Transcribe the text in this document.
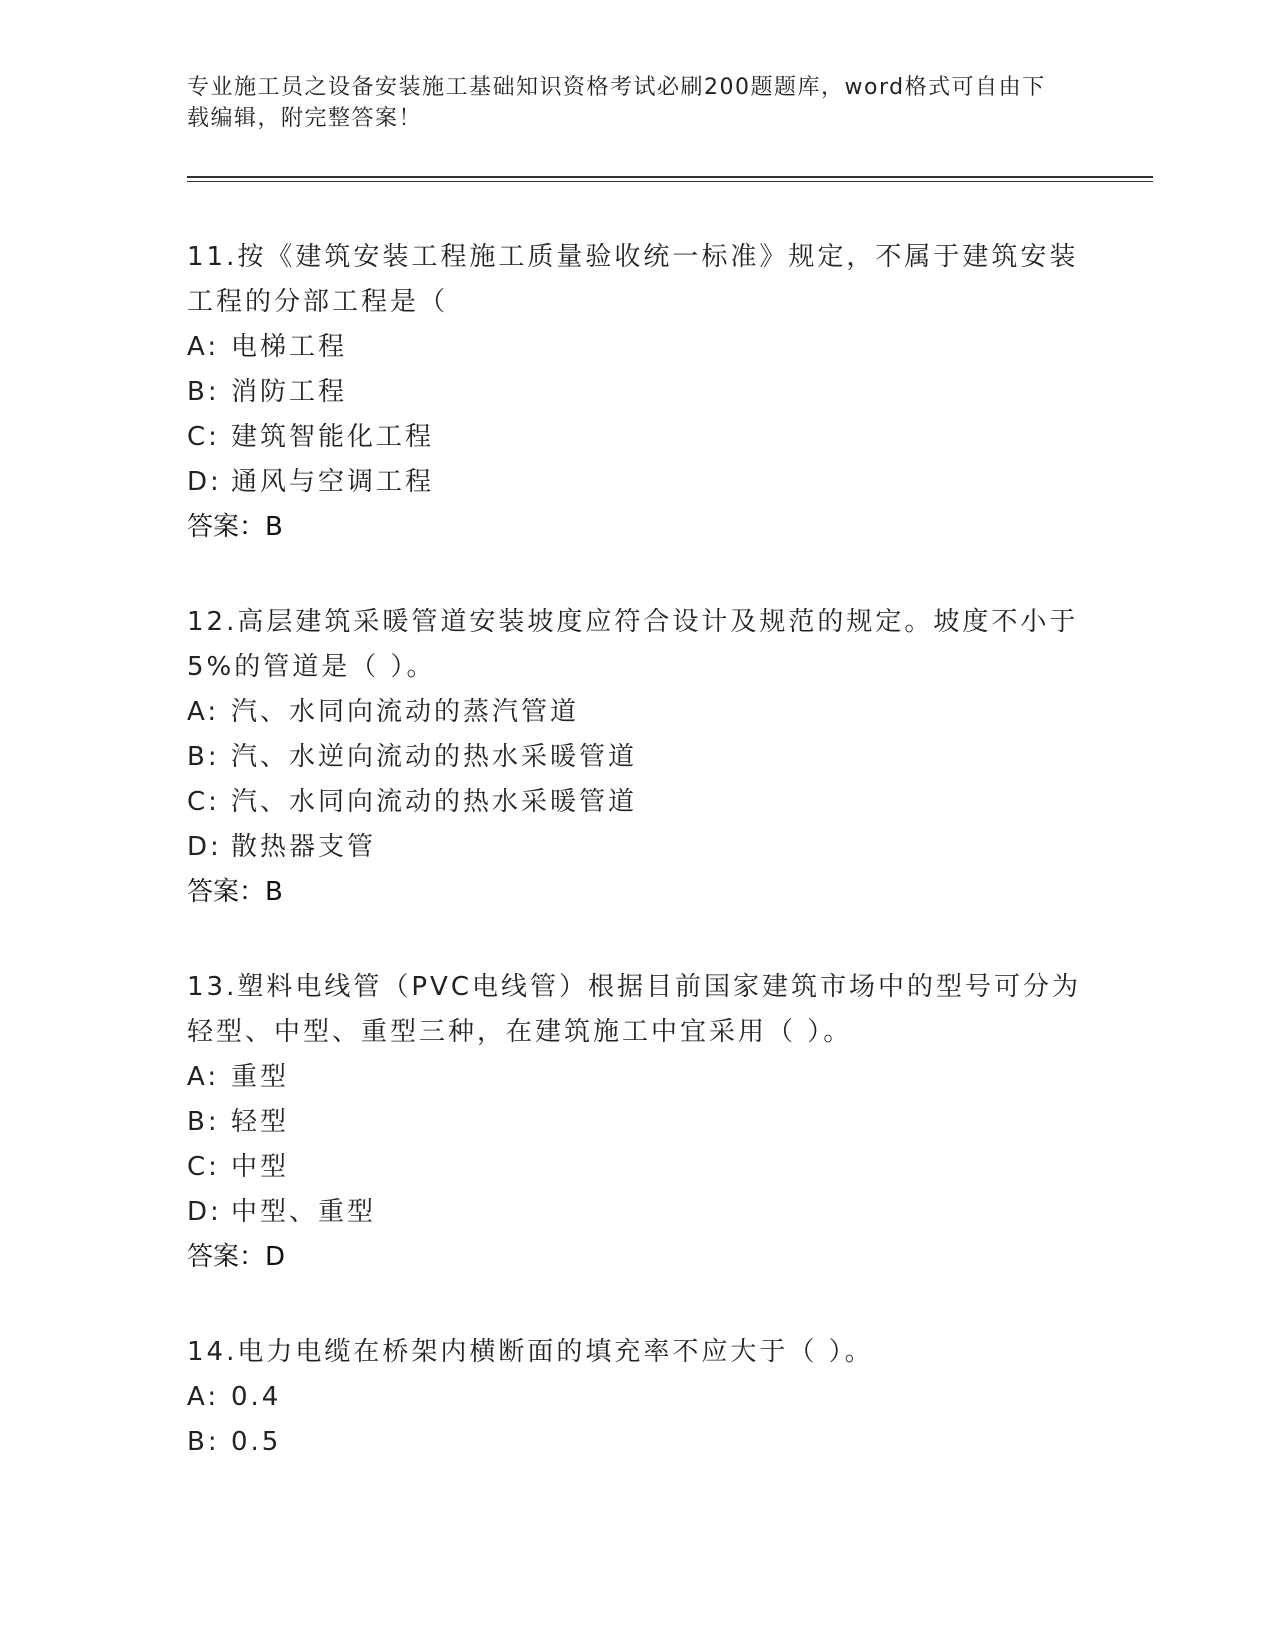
专业施工员之设备安装施工基础知识资格考试必刷200题题库，word格式可自由下载编辑，附完整答案！
11.按《建筑安装工程施工质量验收统一标准》规定，不属于建筑安装工程的分部工程是（
A: 电梯工程
B: 消防工程
C: 建筑智能化工程
D: 通风与空调工程
答案：B
12.高层建筑采暖管道安装坡度应符合设计及规范的规定。坡度不小于5%的管道是（ ）。
A: 汽、水同向流动的蒸汽管道
B: 汽、水逆向流动的热水采暖管道
C: 汽、水同向流动的热水采暖管道
D: 散热器支管
答案：B
13.塑料电线管（PVC电线管）根据目前国家建筑市场中的型号可分为轻型、中型、重型三种，在建筑施工中宜采用（ ）。
A: 重型
B: 轻型
C: 中型
D: 中型、重型
答案：D
14.电力电缆在桥架内横断面的填充率不应大于（ ）。
A: 0.4
B: 0.5
